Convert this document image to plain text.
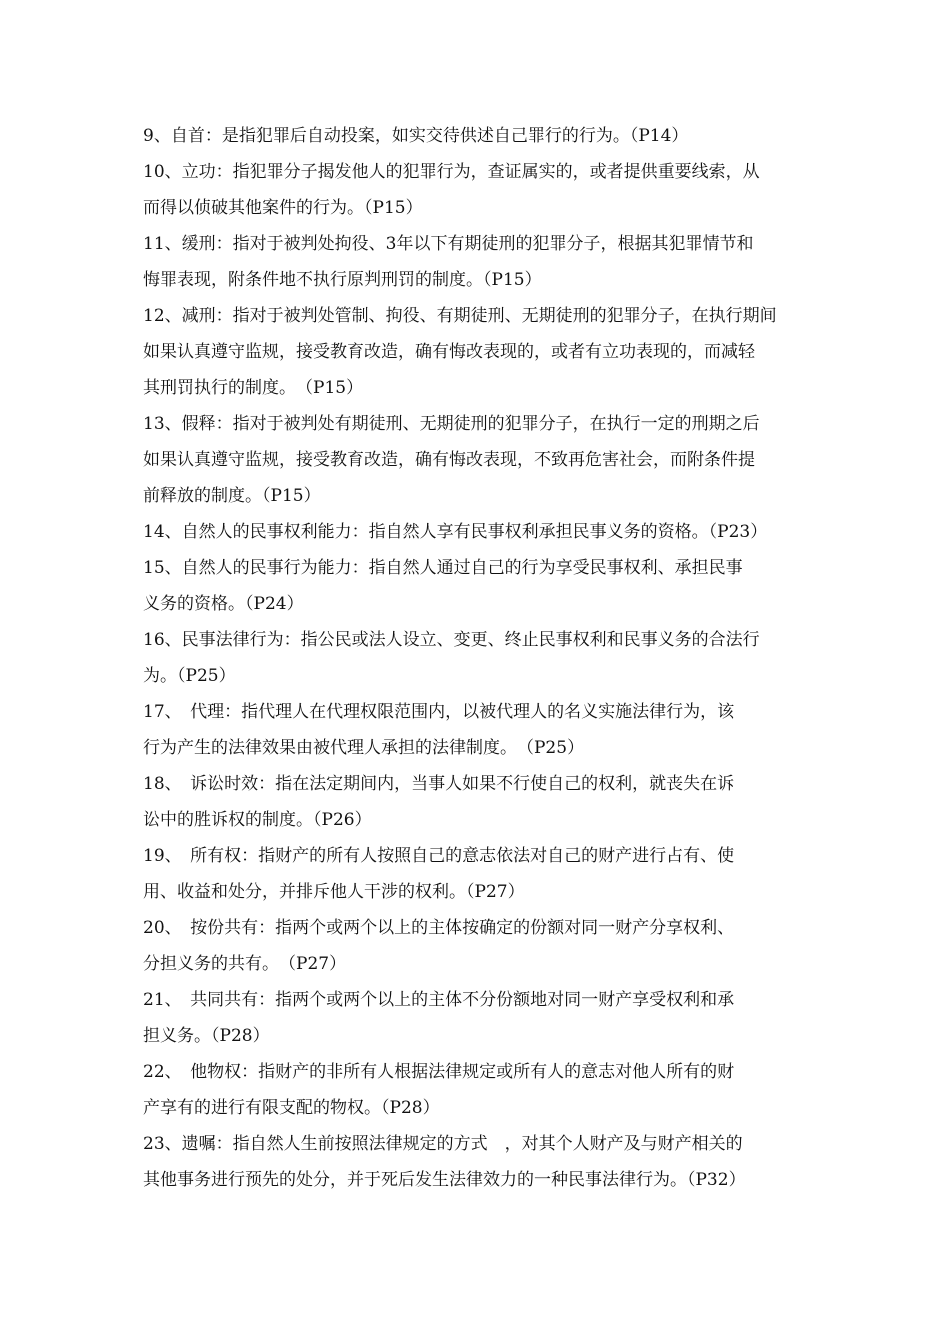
9、自首：是指犯罪后自动投案，如实交待供述自己罪行的行为。（P14）
10、立功：指犯罪分子揭发他人的犯罪行为，查证属实的，或者提供重要线索，从
而得以侦破其他案件的行为。（P15）
11、缓刑：指对于被判处拘役、3年以下有期徒刑的犯罪分子，根据其犯罪情节和
悔罪表现，附条件地不执行原判刑罚的制度。（P15）
12、减刑：指对于被判处管制、拘役、有期徒刑、无期徒刑的犯罪分子，在执行期间
如果认真遵守监规，接受教育改造，确有悔改表现的，或者有立功表现的，而减轻
其刑罚执行的制度。　（P15）
13、假释：指对于被判处有期徒刑、无期徒刑的犯罪分子，在执行一定的刑期之后
如果认真遵守监规，接受教育改造，确有悔改表现，不致再危害社会，而附条件提
前释放的制度。（P15）
14、自然人的民事权利能力：指自然人享有民事权利承担民事义务的资格。（P23）
15、自然人的民事行为能力：指自然人通过自己的行为享受民事权利、承担民事
义务的资格。（P24）
16、民事法律行为：指公民或法人设立、变更、终止民事权利和民事义务的合法行
为。（P25）
17、　代理：指代理人在代理权限范围内，以被代理人的名义实施法律行为，该
行为产生的法律效果由被代理人承担的法律制度。　（P25）
18、　诉讼时效：指在法定期间内，当事人如果不行使自己的权利，就丧失在诉
讼中的胜诉权的制度。（P26）
19、　所有权：指财产的所有人按照自己的意志依法对自己的财产进行占有、使
用、收益和处分，并排斥他人干涉的权利。（P27）
20、　按份共有：指两个或两个以上的主体按确定的份额对同一财产分享权利、
分担义务的共有。　（P27）
21、　共同共有：指两个或两个以上的主体不分份额地对同一财产享受权利和承
担义务。（P28）
22、　他物权：指财产的非所有人根据法律规定或所有人的意志对他人所有的财
产享有的进行有限支配的物权。（P28）
23、遗嘱：指自然人生前按照法律规定的方式　，对其个人财产及与财产相关的
其他事务进行预先的处分，并于死后发生法律效力的一种民事法律行为。（P32）
